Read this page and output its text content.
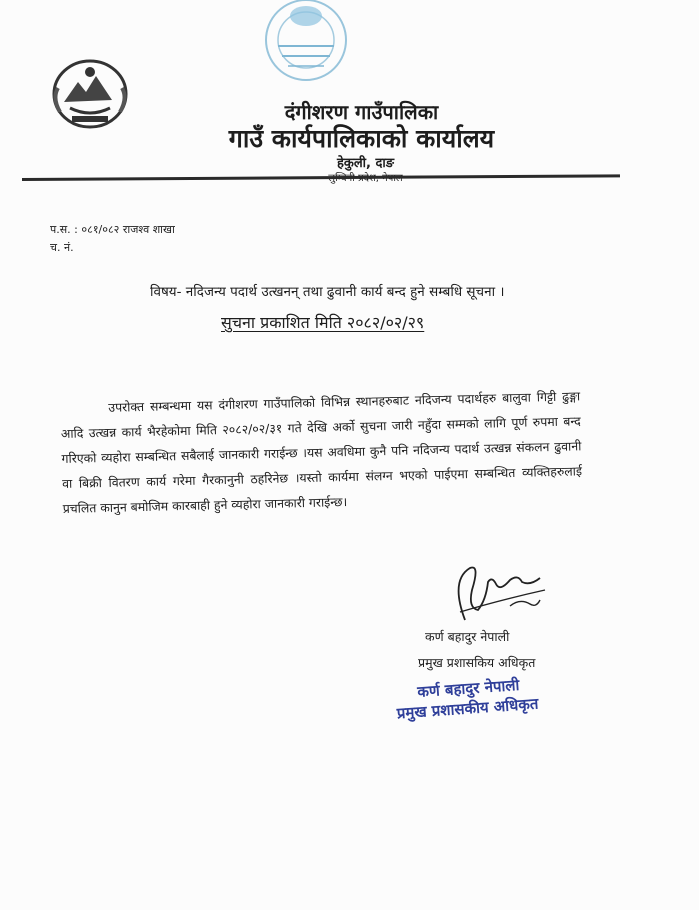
दंगीशरण गाउँपालिका
गाउँ कार्यपालिकाको कार्यालय
हेकुली, दाङ
लुम्बिनी प्रदेश, नेपाल
प.स. : ०८१/०८२ राजश्व शाखा
च. नं.
विषय- नदिजन्य पदार्थ उत्खनन् तथा ढुवानी कार्य बन्द हुने सम्बधि सूचना ।
सुचना प्रकाशित मिति २०८२/०२/२९
उपरोक्त सम्बन्धमा यस दंगीशरण गाउँपालिको विभिन्न स्थानहरुबाट नदिजन्य पदार्थहरु बालुवा गिट्टी ढुङ्गा आदि उत्खन्न कार्य भैरहेकोमा मिति २०८२/०२/३१ गते देखि अर्को सुचना जारी नहुँदा सम्मको लागि पूर्ण रुपमा बन्द गरिएको व्यहोरा सम्बन्धित सबैलाई जानकारी गराईन्छ ।यस अवधिमा कुनै पनि नदिजन्य पदार्थ उत्खन्न संकलन ढुवानी वा बिक्री वितरण कार्य गरेमा गैरकानुनी ठहरिनेछ ।यस्तो कार्यमा संलग्न भएको पाईएमा सम्बन्धित व्यक्तिहरुलाई प्रचलित कानुन बमोजिम कारबाही हुने व्यहोरा जानकारी गराईन्छ।
कर्ण बहादुर नेपाली
प्रमुख प्रशासकिय अधिकृत
कर्ण बहादुर नेपाली
प्रमुख प्रशासकीय अधिकृत
